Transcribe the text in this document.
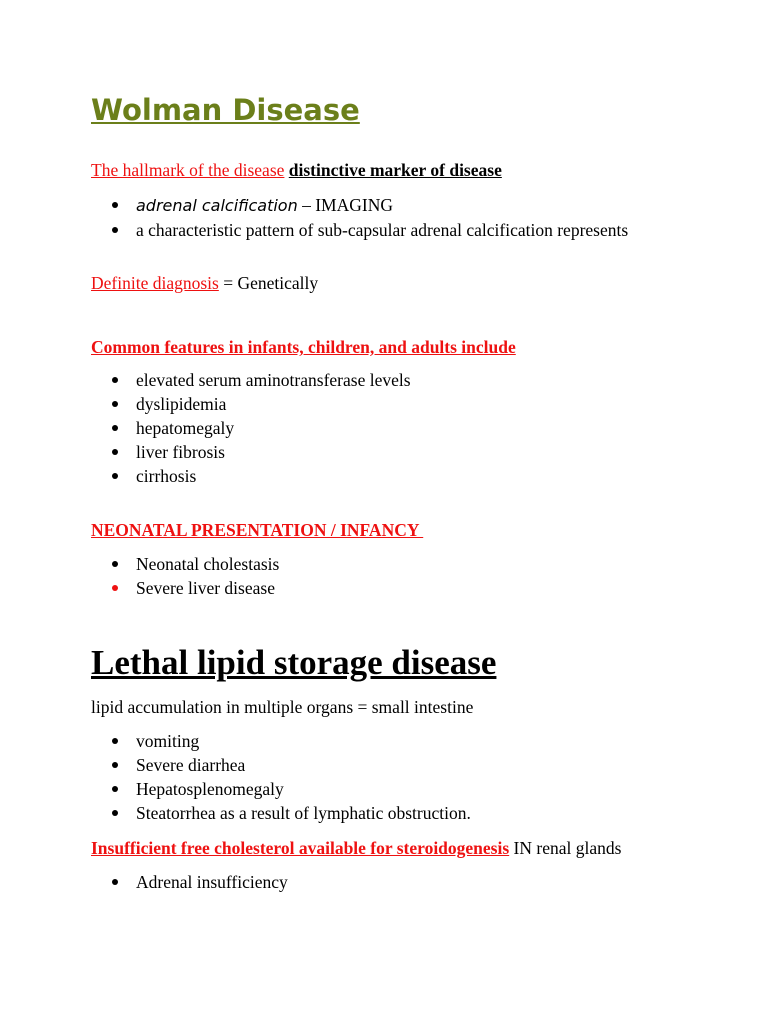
Wolman Disease
The hallmark of the disease distinctive marker of disease
adrenal calcification – IMAGING
a characteristic pattern of sub-capsular adrenal calcification represents
Definite diagnosis = Genetically
Common features in infants, children, and adults include
elevated serum aminotransferase levels
dyslipidemia
hepatomegaly
liver fibrosis
cirrhosis
NEONATAL PRESENTATION / INFANCY
Neonatal cholestasis
Severe liver disease
Lethal lipid storage disease
lipid accumulation in multiple organs = small intestine
vomiting
Severe diarrhea
Hepatosplenomegaly
Steatorrhea as a result of lymphatic obstruction.
Insufficient free cholesterol available for steroidogenesis IN renal glands
Adrenal insufficiency
